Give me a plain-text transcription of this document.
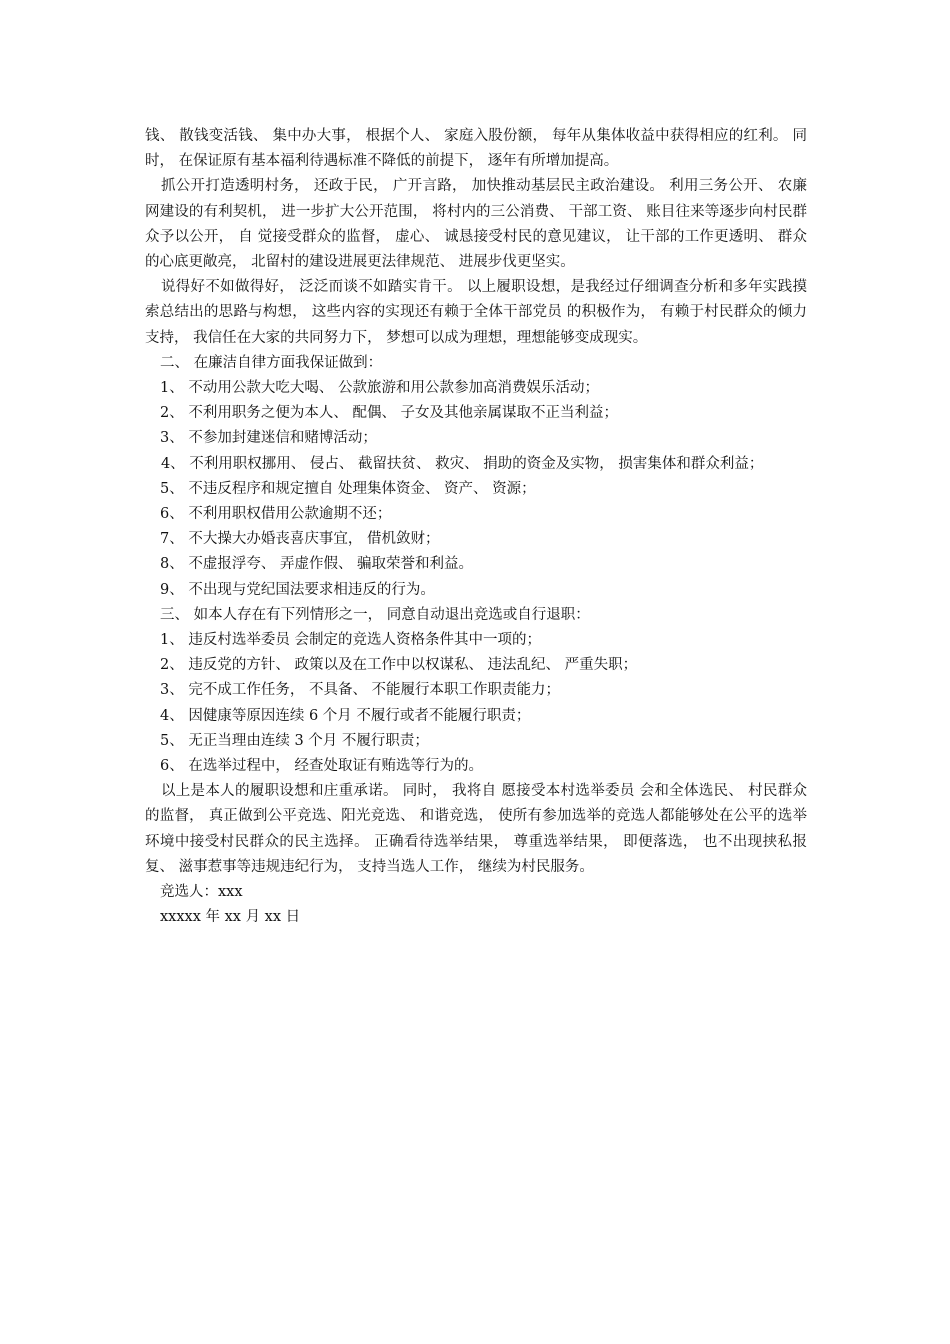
钱、 散钱变活钱、 集中办大事， 根据个人、 家庭入股份额， 每年从集体收益中获得相应的红利。 同时， 在保证原有基本福利待遇标准不降低的前提下， 逐年有所增加提高。

抓公开打造透明村务， 还政于民， 广开言路， 加快推动基层民主政治建设。 利用三务公开、 农廉网建设的有利契机， 进一步扩大公开范围， 将村内的三公消费、 干部工资、 账目往来等逐步向村民群众予以公开， 自 觉接受群众的监督， 虚心、 诚恳接受村民的意见建议， 让干部的工作更透明、 群众的心底更敞亮， 北留村的建设进展更法律规范、 进展步伐更坚实。

说得好不如做得好， 泛泛而谈不如踏实肯干。 以上履职设想，是我经过仔细调查分析和多年实践摸索总结出的思路与构想， 这些内容的实现还有赖于全体干部党员 的积极作为， 有赖于村民群众的倾力支持， 我信任在大家的共同努力下， 梦想可以成为理想，理想能够变成现实。

二、 在廉洁自律方面我保证做到：

1、 不动用公款大吃大喝、 公款旅游和用公款参加高消费娱乐活动；

2、 不利用职务之便为本人、 配偶、 子女及其他亲属谋取不正当利益；

3、 不参加封建迷信和赌博活动；

4、 不利用职权挪用、 侵占、 截留扶贫、 救灾、 捐助的资金及实物， 损害集体和群众利益；

5、 不违反程序和规定擅自 处理集体资金、 资产、 资源；

6、 不利用职权借用公款逾期不还；

7、 不大操大办婚丧喜庆事宜， 借机敛财；

8、 不虚报浮夸、 弄虚作假、 骗取荣誉和利益。

9、 不出现与党纪国法要求相违反的行为。

三、 如本人存在有下列情形之一， 同意自动退出竞选或自行退职：

1、 违反村选举委员 会制定的竞选人资格条件其中一项的；

2、 违反党的方针、 政策以及在工作中以权谋私、 违法乱纪、 严重失职；

3、 完不成工作任务， 不具备、 不能履行本职工作职责能力；

4、 因健康等原因连续 6 个月 不履行或者不能履行职责；

5、 无正当理由连续 3 个月 不履行职责；

6、 在选举过程中， 经查处取证有贿选等行为的。

以上是本人的履职设想和庄重承诺。 同时， 我将自 愿接受本村选举委员 会和全体选民、 村民群众的监督， 真正做到公平竞选、阳光竞选、 和谐竞选， 使所有参加选举的竞选人都能够处在公平的选举环境中接受村民群众的民主选择。 正确看待选举结果， 尊重选举结果， 即便落选， 也不出现挟私报复、 滋事惹事等违规违纪行为， 支持当选人工作， 继续为村民服务。

竞选人：xxx

xxxxx 年 xx 月 xx 日
